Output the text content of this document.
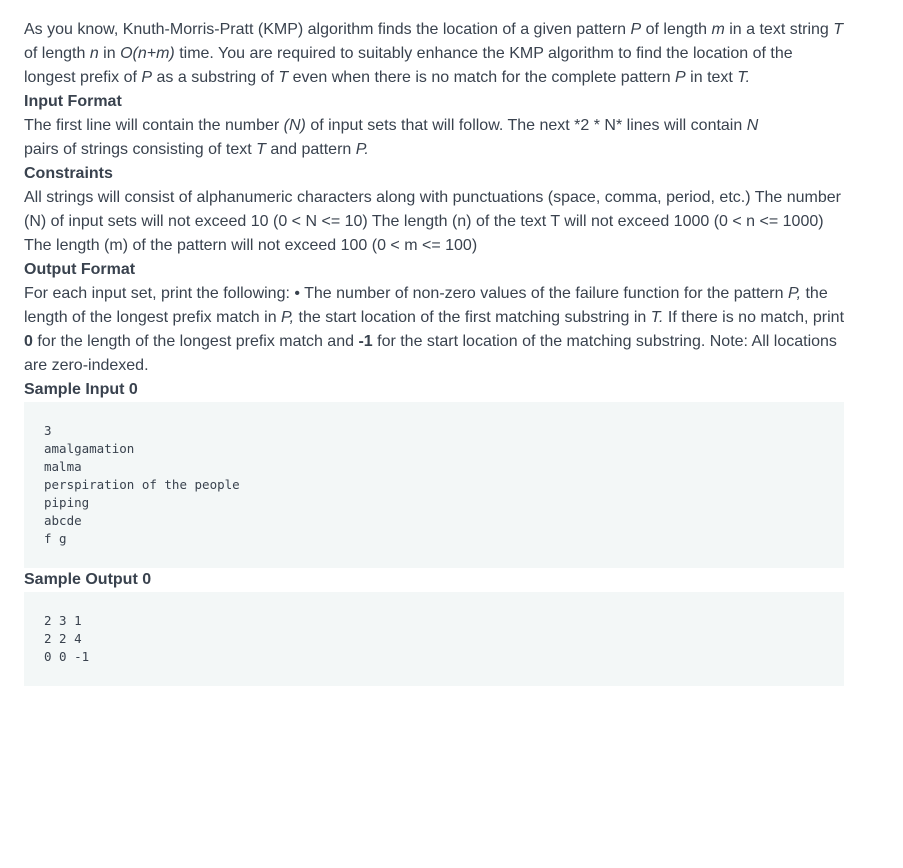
As you know, Knuth-Morris-Pratt (KMP) algorithm finds the location of a given pattern P of length m in a text string T of length n in O(n+m) time. You are required to suitably enhance the KMP algorithm to find the location of the longest prefix of P as a substring of T even when there is no match for the complete pattern P in text T.

Input Format

The first line will contain the number (N) of input sets that will follow. The next *2 * N* lines will contain N
pairs of strings consisting of text T and pattern P.

Constraints

All strings will consist of alphanumeric characters along with punctuations (space, comma, period, etc.) The number (N) of input sets will not exceed 10 (0 < N <= 10) The length (n) of the text T will not exceed 1000 (0 < n <= 1000) The length (m) of the pattern will not exceed 100 (0 < m <= 100)

Output Format

For each input set, print the following: • The number of non-zero values of the failure function for the pattern P, the length of the longest prefix match in P, the start location of the first matching substring in T. If there is no match, print 0 for the length of the longest prefix match and -1 for the start location of the matching substring. Note: All locations are zero-indexed.

Sample Input 0
3
amalgamation
malma
perspiration of the people
piping
abcde
f g
Sample Output 0
2 3 1
2 2 4
0 0 -1
